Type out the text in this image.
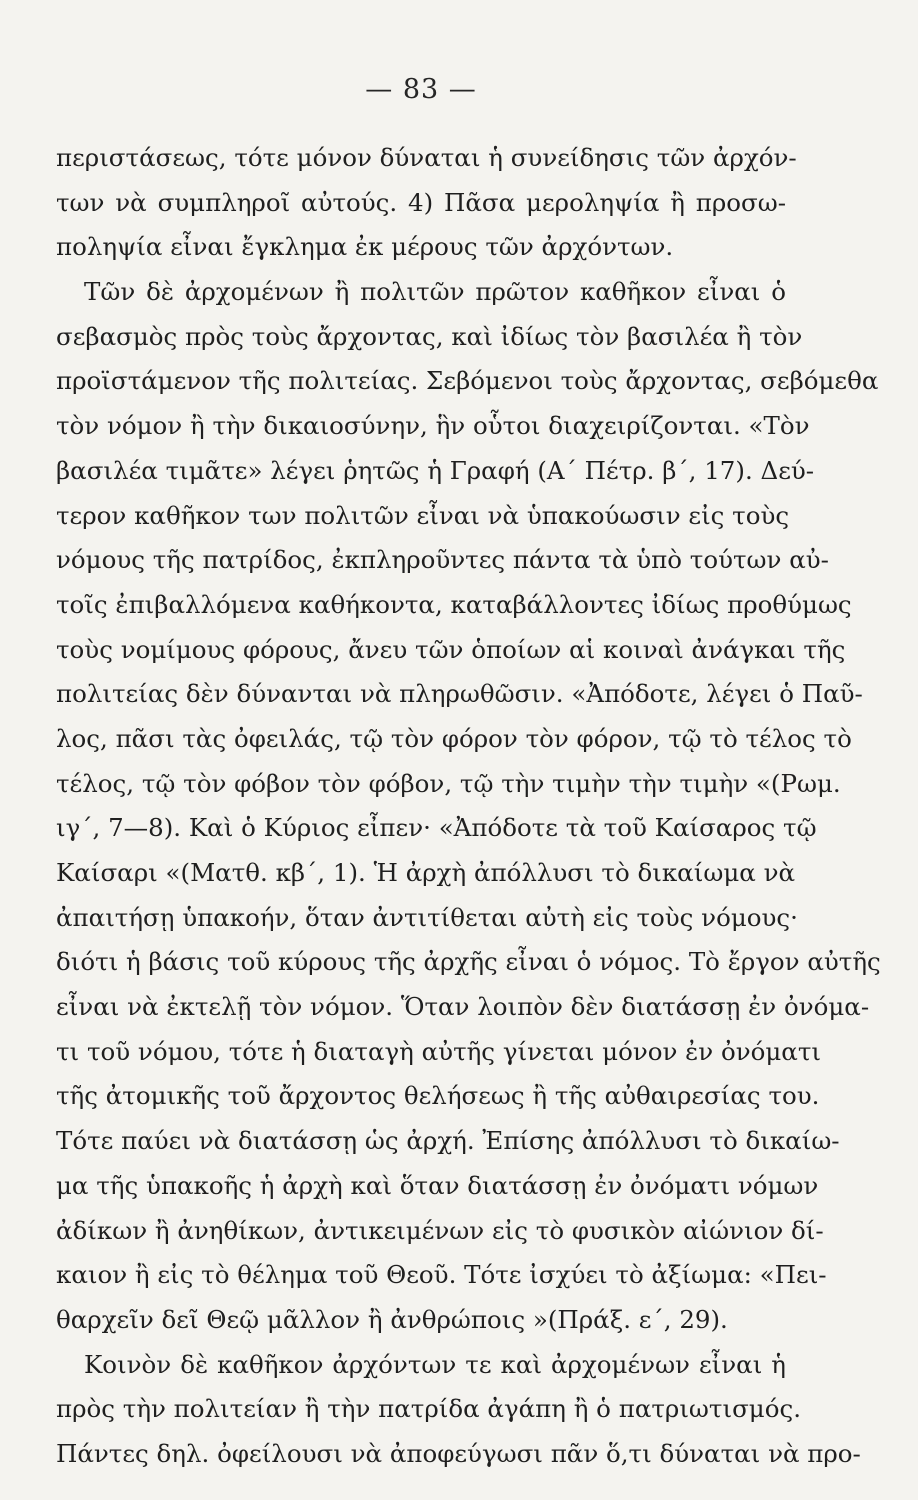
— 83 —
περιστάσεως, τότε μόνον δύναται ἡ συνείδησις τῶν ἀρχόν-
των νὰ συμπληροῖ αὐτούς. 4) Πᾶσα μεροληψία ἢ προσω-
ποληψία εἶναι ἔγκλημα ἐκ μέρους τῶν ἀρχόντων.
Τῶν δὲ ἀρχομένων ἢ πολιτῶν πρῶτον καθῆκον εἶναι ὁ
σεβασμὸς πρὸς τοὺς ἄρχοντας, καὶ ἰδίως τὸν βασιλέα ἢ τὸν
προϊστάμενον τῆς πολιτείας. Σεβόμενοι τοὺς ἄρχοντας, σεβόμεθα
τὸν νόμον ἢ τὴν δικαιοσύνην, ἣν οὗτοι διαχειρίζονται. «Τὸν
βασιλέα τιμᾶτε» λέγει ῥητῶς ἡ Γραφή (Α΄ Πέτρ. β΄, 17). Δεύ-
τερον καθῆκον των πολιτῶν εἶναι νὰ ὑπακούωσιν εἰς τοὺς
νόμους τῆς πατρίδος, ἐκπληροῦντες πάντα τὰ ὑπὸ τούτων αὐ-
τοῖς ἐπιβαλλόμενα καθήκοντα, καταβάλλοντες ἰδίως προθύμως
τοὺς νομίμους φόρους, ἄνευ τῶν ὁποίων αἱ κοιναὶ ἀνάγκαι τῆς
πολιτείας δὲν δύνανται νὰ πληρωθῶσιν. «Ἀπόδοτε, λέγει ὁ Παῦ-
λος, πᾶσι τὰς ὀφειλάς, τῷ τὸν φόρον τὸν φόρον, τῷ τὸ τέλος τὸ
τέλος, τῷ τὸν φόβον τὸν φόβον, τῷ τὴν τιμὴν τὴν τιμὴν «(Ρωμ.
ιγ΄, 7—8). Καὶ ὁ Κύριος εἶπεν· «Ἀπόδοτε τὰ τοῦ Καίσαρος τῷ
Καίσαρι «(Ματθ. κβ΄, 1). Ἡ ἀρχὴ ἀπόλλυσι τὸ δικαίωμα νὰ
ἀπαιτήσῃ ὑπακοήν, ὅταν ἀντιτίθεται αὐτὴ εἰς τοὺς νόμους·
διότι ἡ βάσις τοῦ κύρους τῆς ἀρχῆς εἶναι ὁ νόμος. Τὸ ἔργον αὐτῆς
εἶναι νὰ ἐκτελῇ τὸν νόμον. Ὅταν λοιπὸν δὲν διατάσσῃ ἐν ὀνόμα-
τι τοῦ νόμου, τότε ἡ διαταγὴ αὐτῆς γίνεται μόνον ἐν ὀνόματι
τῆς ἀτομικῆς τοῦ ἄρχοντος θελήσεως ἢ τῆς αὐθαιρεσίας του.
Τότε παύει νὰ διατάσσῃ ὡς ἀρχή. Ἐπίσης ἀπόλλυσι τὸ δικαίω-
μα τῆς ὑπακοῆς ἡ ἀρχὴ καὶ ὅταν διατάσσῃ ἐν ὀνόματι νόμων
ἀδίκων ἢ ἀνηθίκων, ἀντικειμένων εἰς τὸ φυσικὸν αἰώνιον δί-
καιον ἢ εἰς τὸ θέλημα τοῦ Θεοῦ. Τότε ἰσχύει τὸ ἀξίωμα: «Πει-
θαρχεῖν δεῖ Θεῷ μᾶλλον ἢ ἀνθρώποις »(Πράξ. ε΄, 29).
Κοινὸν δὲ καθῆκον ἀρχόντων τε καὶ ἀρχομένων εἶναι ἡ
πρὸς τὴν πολιτείαν ἢ τὴν πατρίδα ἀγάπη ἢ ὁ πατριωτισμός.
Πάντες δηλ. ὀφείλουσι νὰ ἀποφεύγωσι πᾶν ὅ,τι δύναται νὰ προ-
